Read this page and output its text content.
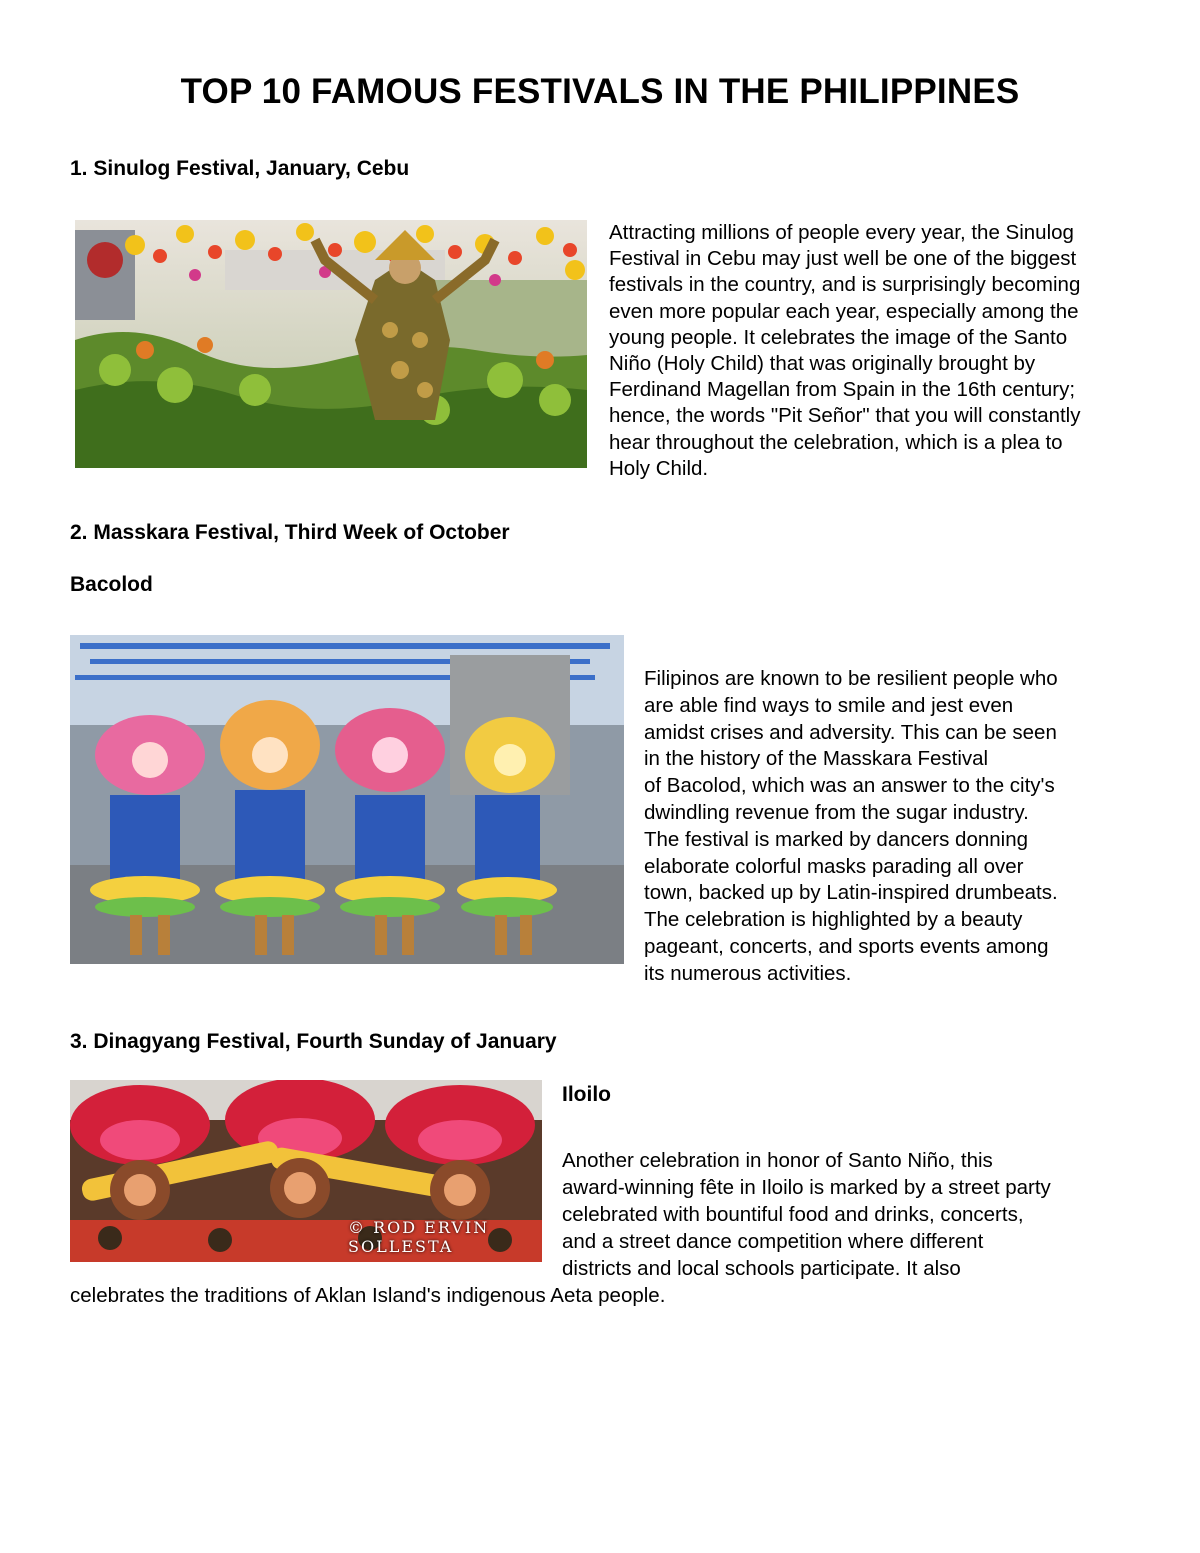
TOP 10 FAMOUS FESTIVALS IN THE PHILIPPINES
1. Sinulog Festival, January, Cebu

Attracting millions of people every year, the Sinulog
Festival in Cebu may just well be one of the biggest
festivals in the country, and is surprisingly becoming
even more popular each year, especially among the
young people. It celebrates the image of the Santo
Niño (Holy Child) that was originally brought by
Ferdinand Magellan from Spain in the 16th century;
hence, the words "Pit Señor" that you will constantly
hear throughout the celebration, which is a plea to
Holy Child.

2. Masskara Festival, Third Week of October
Bacolod

Filipinos are known to be resilient people who
are able find ways to smile and jest even
amidst crises and adversity. This can be seen
in the history of the Masskara Festival
of Bacolod, which was an answer to the city's
dwindling revenue from the sugar industry.
The festival is marked by dancers donning
elaborate colorful masks parading all over
town, backed up by Latin-inspired drumbeats.
The celebration is highlighted by a beauty
pageant, concerts, and sports events among
its numerous activities.

3. Dinagyang Festival, Fourth Sunday of January
© ROD ERVIN SOLLESTA
Iloilo

Another celebration in honor of Santo Niño, this
award-winning fête in Iloilo is marked by a street party
celebrated with bountiful food and drinks, concerts,
and a street dance competition where different
districts and local schools participate. It also

celebrates the traditions of Aklan Island's indigenous Aeta people.
